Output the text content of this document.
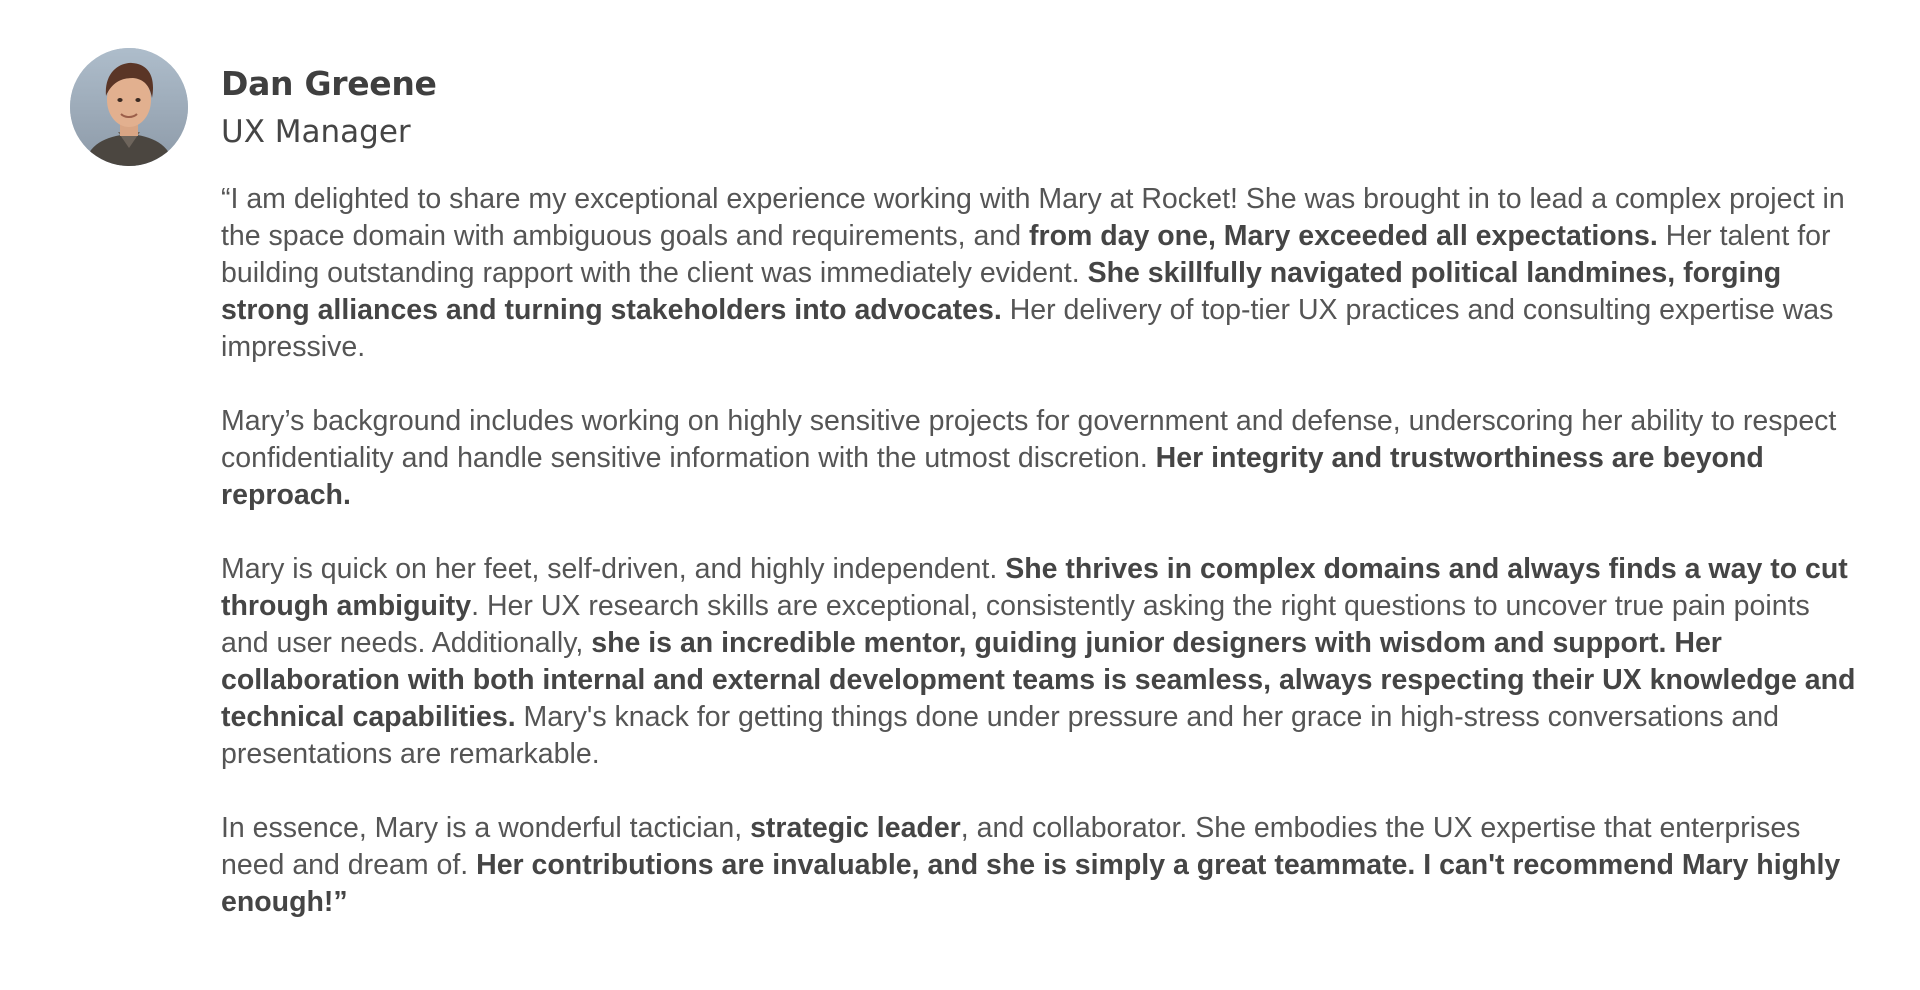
Dan Greene
UX Manager

“I am delighted to share my exceptional experience working with Mary at Rocket! She was brought in to lead a complex project in the space domain with ambiguous goals and requirements, and from day one, Mary exceeded all expectations. Her talent for building outstanding rapport with the client was immediately evident. She skillfully navigated political landmines, forging strong alliances and turning stakeholders into advocates. Her delivery of top-tier UX practices and consulting expertise was impressive.

Mary’s background includes working on highly sensitive projects for government and defense, underscoring her ability to respect confidentiality and handle sensitive information with the utmost discretion. Her integrity and trustworthiness are beyond reproach.

Mary is quick on her feet, self-driven, and highly independent. She thrives in complex domains and always finds a way to cut through ambiguity. Her UX research skills are exceptional, consistently asking the right questions to uncover true pain points and user needs. Additionally, she is an incredible mentor, guiding junior designers with wisdom and support. Her collaboration with both internal and external development teams is seamless, always respecting their UX knowledge and technical capabilities. Mary's knack for getting things done under pressure and her grace in high-stress conversations and presentations are remarkable.

In essence, Mary is a wonderful tactician, strategic leader, and collaborator. She embodies the UX expertise that enterprises need and dream of. Her contributions are invaluable, and she is simply a great teammate. I can't recommend Mary highly enough!”
